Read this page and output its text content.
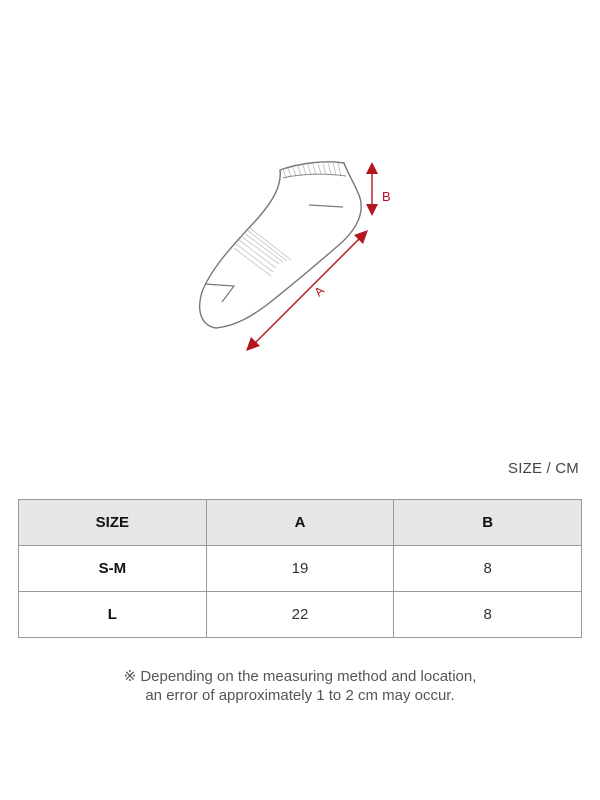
A
B
SIZE / CM
SIZE	A	B
S-M	19	8
L	22	8
※ Depending on the measuring method and location,
an error of approximately 1 to 2 cm may occur.
